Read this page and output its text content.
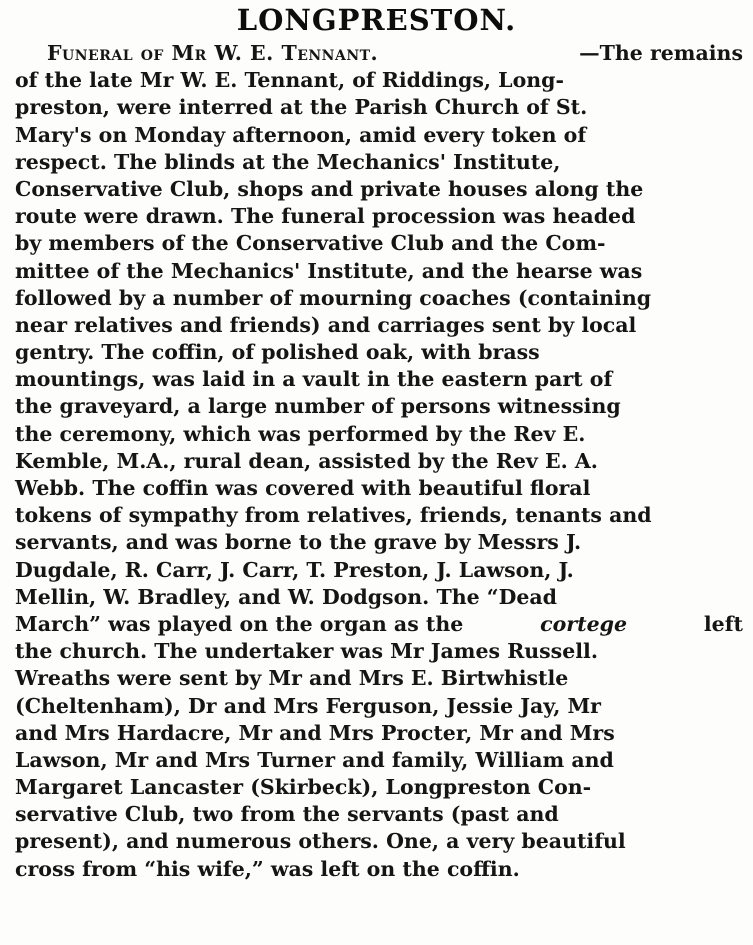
LONGPRESTON.
Funeral of Mr W. E. Tennant.	—The remains
of the late Mr W. E. Tennant, of Riddings, Long-
preston, were interred at the Parish Church of St.
Mary's on Monday afternoon, amid every token of
respect. The blinds at the Mechanics' Institute,
Conservative Club, shops and private houses along the
route were drawn. The funeral procession was headed
by members of the Conservative Club and the Com-
mittee of the Mechanics' Institute, and the hearse was
followed by a number of mourning coaches (containing
near relatives and friends) and carriages sent by local
gentry. The coffin, of polished oak, with brass
mountings, was laid in a vault in the eastern part of
the graveyard, a large number of persons witnessing
the ceremony, which was performed by the Rev E.
Kemble, M.A., rural dean, assisted by the Rev E. A.
Webb. The coffin was covered with beautiful floral
tokens of sympathy from relatives, friends, tenants and
servants, and was borne to the grave by Messrs J.
Dugdale, R. Carr, J. Carr, T. Preston, J. Lawson, J.
Mellin, W. Bradley, and W. Dodgson. The “Dead
March” was played on the organ as the	cortege	left
the church. The undertaker was Mr James Russell.
Wreaths were sent by Mr and Mrs E. Birtwhistle
(Cheltenham), Dr and Mrs Ferguson, Jessie Jay, Mr
and Mrs Hardacre, Mr and Mrs Procter, Mr and Mrs
Lawson, Mr and Mrs Turner and family, William and
Margaret Lancaster (Skirbeck), Longpreston Con-
servative Club, two from the servants (past and
present), and numerous others. One, a very beautiful
cross from “his wife,” was left on the coffin.
